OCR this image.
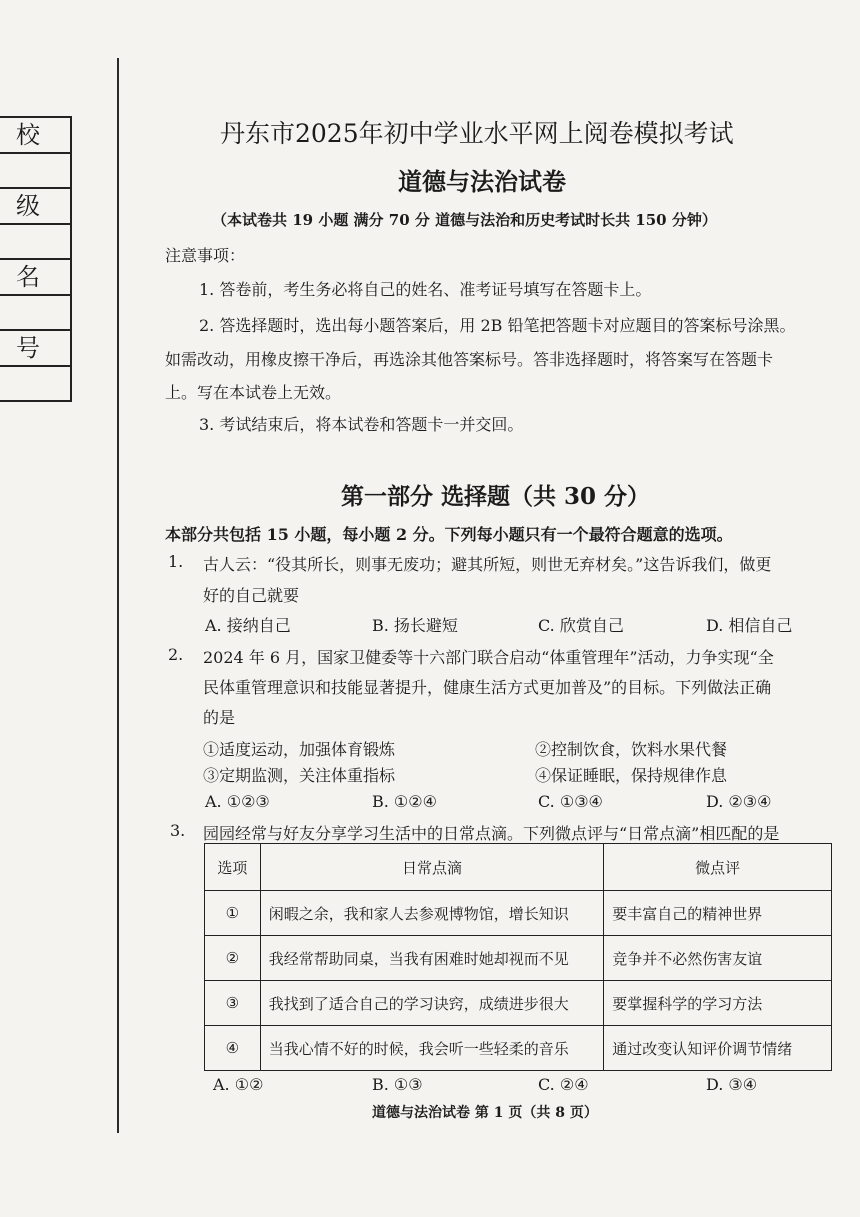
校
级
名
号
丹东市2025年初中学业水平网上阅卷模拟考试
道德与法治试卷
（本试卷共 19 小题 满分 70 分 道德与法治和历史考试时长共 150 分钟）
注意事项：
1. 答卷前，考生务必将自己的姓名、准考证号填写在答题卡上。
2. 答选择题时，选出每小题答案后，用 2B 铅笔把答题卡对应题目的答案标号涂黑。
如需改动，用橡皮擦干净后，再选涂其他答案标号。答非选择题时，将答案写在答题卡
上。写在本试卷上无效。
3. 考试结束后，将本试卷和答题卡一并交回。
第一部分 选择题（共 30 分）
本部分共包括 15 小题，每小题 2 分。下列每小题只有一个最符合题意的选项。
1. 古人云：“役其所长，则事无废功；避其所短，则世无弃材矣。”这告诉我们，做更
好的自己就要
A. 接纳自己	B. 扬长避短	C. 欣赏自己	D. 相信自己
2. 2024 年 6 月，国家卫健委等十六部门联合启动“体重管理年”活动，力争实现“全
民体重管理意识和技能显著提升，健康生活方式更加普及”的目标。下列做法正确
的是
①适度运动，加强体育锻炼	②控制饮食，饮料水果代餐
③定期监测，关注体重指标	④保证睡眠，保持规律作息
A. ①②③	B. ①②④	C. ①③④	D. ②③④
3. 园园经常与好友分享学习生活中的日常点滴。下列微点评与“日常点滴”相匹配的是
选项	日常点滴	微点评
①	闲暇之余，我和家人去参观博物馆，增长知识	要丰富自己的精神世界
②	我经常帮助同桌，当我有困难时她却视而不见	竞争并不必然伤害友谊
③	我找到了适合自己的学习诀窍，成绩进步很大	要掌握科学的学习方法
④	当我心情不好的时候，我会听一些轻柔的音乐	通过改变认知评价调节情绪
A. ①②	B. ①③	C. ②④	D. ③④
道德与法治试卷 第 1 页（共 8 页）
